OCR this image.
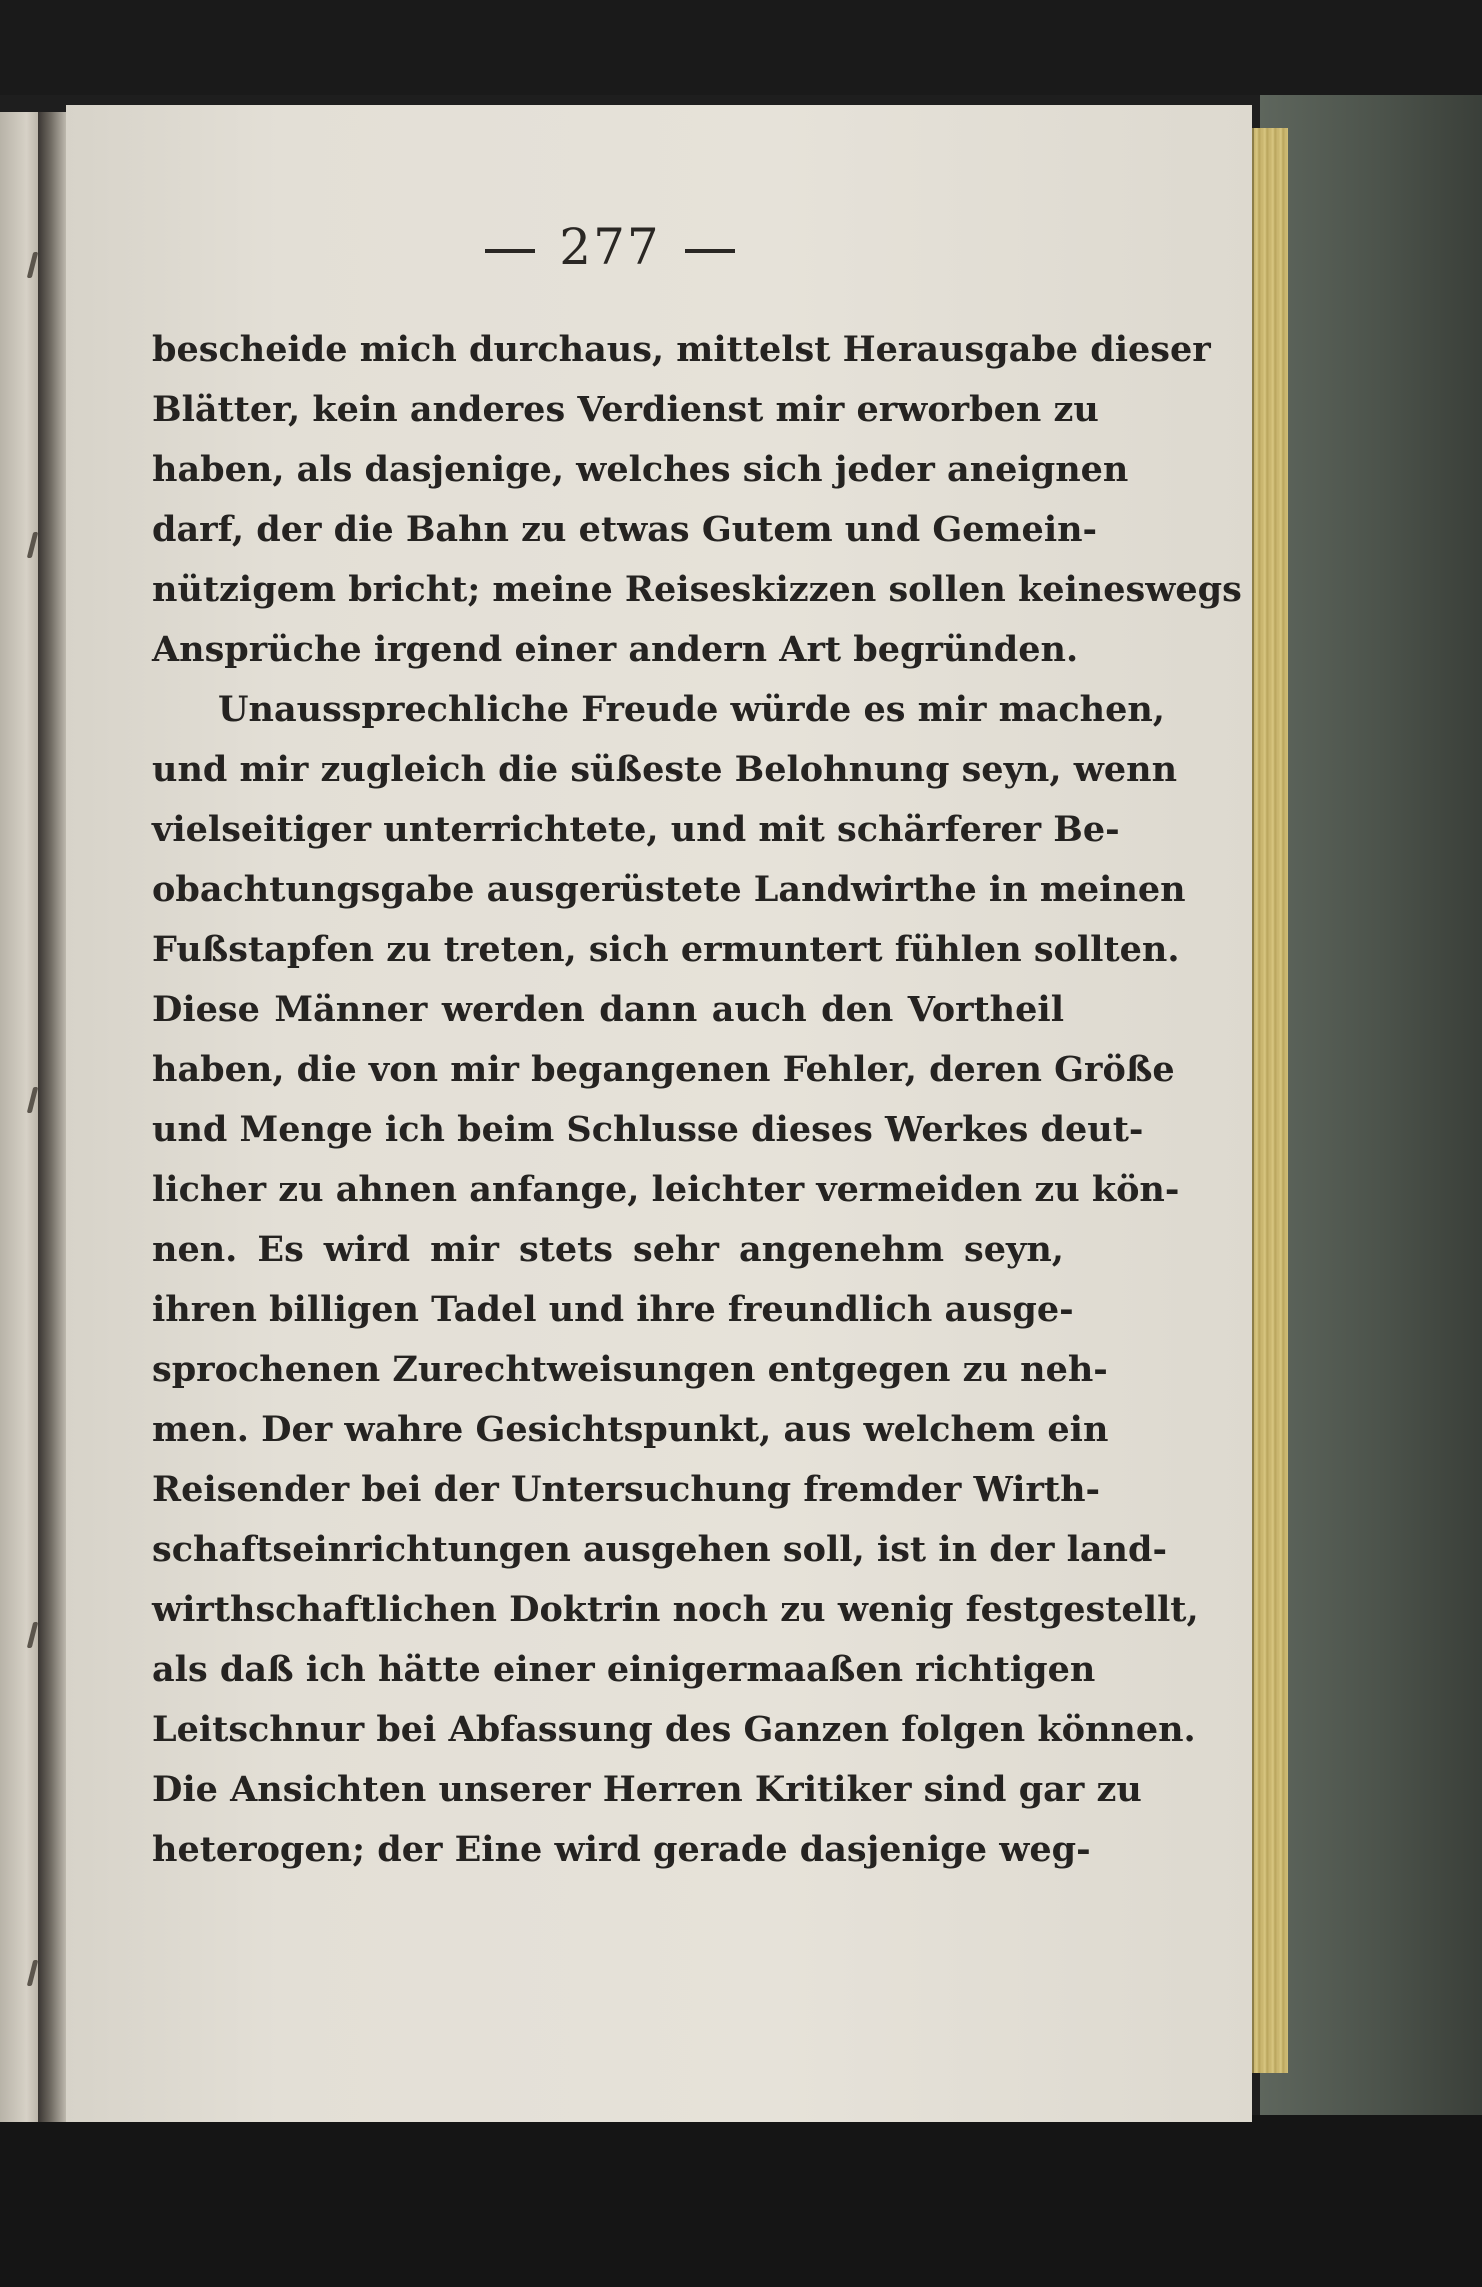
277
bescheide mich durchaus, mittelst Herausgabe dieser
Blätter, kein anderes Verdienst mir erworben zu
haben, als dasjenige, welches sich jeder aneignen
darf, der die Bahn zu etwas Gutem und Gemein-
nützigem bricht; meine Reiseskizzen sollen keineswegs
Ansprüche irgend einer andern Art begründen.
Unaussprechliche Freude würde es mir machen,
und mir zugleich die süßeste Belohnung seyn, wenn
vielseitiger unterrichtete, und mit schärferer Be-
obachtungsgabe ausgerüstete Landwirthe in meinen
Fußstapfen zu treten, sich ermuntert fühlen sollten.
Diese Männer werden dann auch den Vortheil
haben, die von mir begangenen Fehler, deren Größe
und Menge ich beim Schlusse dieses Werkes deut-
licher zu ahnen anfange, leichter vermeiden zu kön-
nen. Es wird mir stets sehr angenehm seyn,
ihren billigen Tadel und ihre freundlich ausge-
sprochenen Zurechtweisungen entgegen zu neh-
men. Der wahre Gesichtspunkt, aus welchem ein
Reisender bei der Untersuchung fremder Wirth-
schaftseinrichtungen ausgehen soll, ist in der land-
wirthschaftlichen Doktrin noch zu wenig festgestellt,
als daß ich hätte einer einigermaaßen richtigen
Leitschnur bei Abfassung des Ganzen folgen können.
Die Ansichten unserer Herren Kritiker sind gar zu
heterogen; der Eine wird gerade dasjenige weg-
